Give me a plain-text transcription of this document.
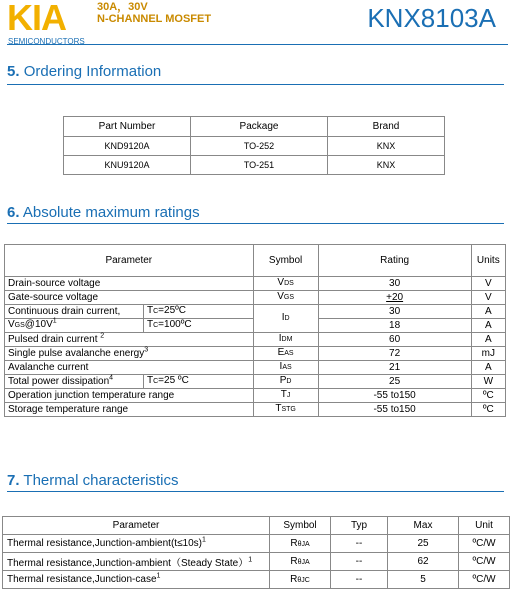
KIA
SEMICONDUCTORS
30A，30V
N-CHANNEL MOSFET	KNX8103A
5. Ordering Information
Part Number	Package	Brand
KND9120A	TO-252	KNX
KNU9120A	TO-251	KNX
6. Absolute maximum ratings
Parameter		Symbol	Rating	Units
Drain-source voltage		VDS	30	V
Gate-source voltage		VGS	+20	V
Continuous drain current,	TC=25ºC	ID	30	A
$VGS@10V^1$	TC=100ºC		18	A
Pulsed drain current $^2$		IDM	60	A
Single pulse avalanche energy$^3$		EAS	72	mJ
Avalanche current		IAS	21	A
Total power dissipation$^4$	TC=25 ºC	PD	25	W
Operation junction temperature range		TJ	-55 to150	ºC
Storage temperature range		TSTG	-55 to150	ºC
7. Thermal characteristics
Parameter	Symbol	Typ	Max	Unit
Thermal resistance,Junction-ambient(t≤10s)$^1$	RθJA	--	25	ºC/W
Thermal resistance,Junction-ambient（Steady State）$^1$	RθJA	--	62	ºC/W
Thermal resistance,Junction-case$^1$	RθJC	--	5	ºC/W
